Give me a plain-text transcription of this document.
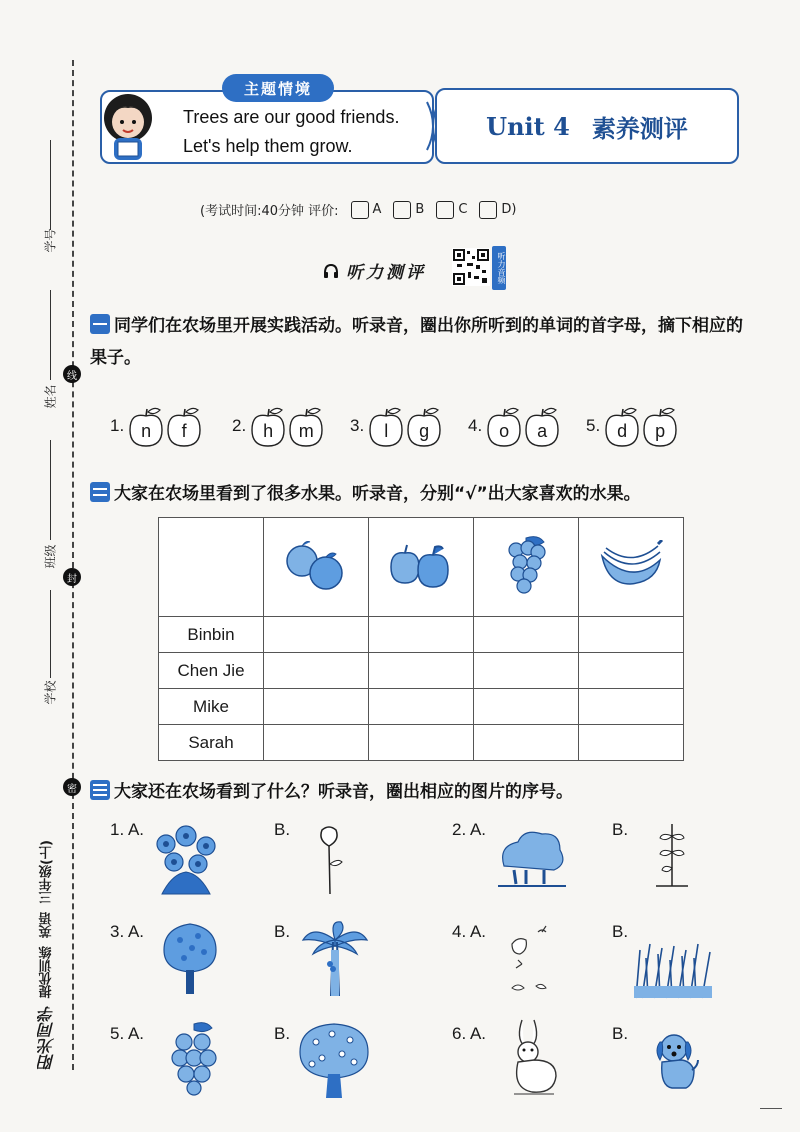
学号
姓名
线
班级
封
学校
密
阳光同学
提优训练
英语
三年级(上)
主题情境
Trees are our good friends.
Let's help them grow.
Unit 4 素养测评
(考试时间:40分钟 评价:	A	B	C	D)
听力测评	听力音频
同学们在农场里开展实践活动。听录音，圈出你所听到的单词的首字母，摘下相应的果子。
1. n	f	2. h	m	3.	l	g	4. o	a	5. d	p
大家在农场里看到了很多水果。听录音，分别“√”出大家喜欢的水果。

Binbin				
Chen Jie				
Mike				
Sarah				
大家还在农场看到了什么？听录音，圈出相应的图片的序号。
1. A.	B.	2. A.	B.
3. A.	B.	4. A.	B.
5. A.	B.	6. A.	B.
